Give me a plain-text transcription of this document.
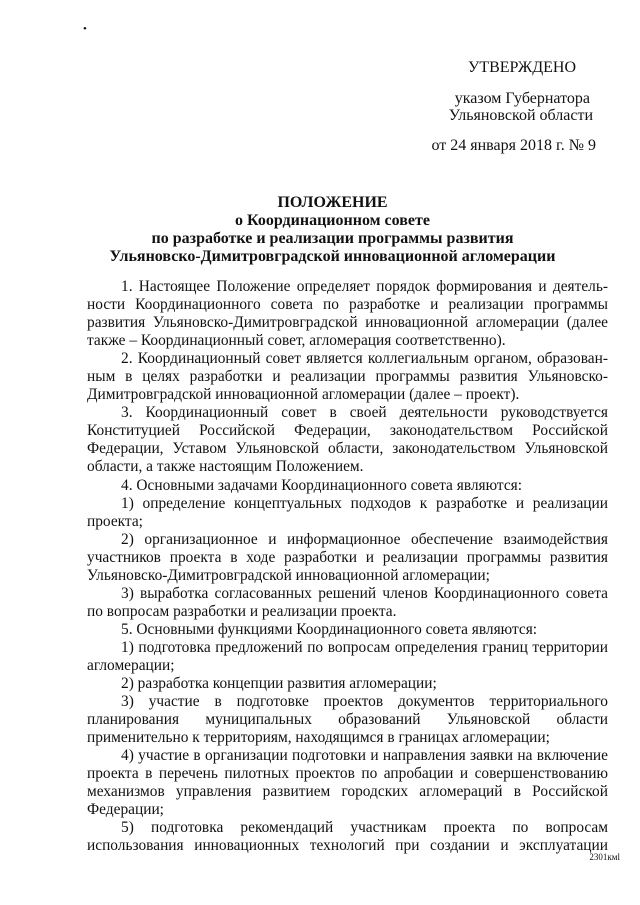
•
УТВЕРЖДЕНО
указом Губернатора
Ульяновской области
от 24 января 2018 г. № 9
ПОЛОЖЕНИЕ
о Координационном совете
по разработке и реализации программы развития
Ульяновско-Димитровградской инновационной агломерации
1. Настоящее Положение определяет порядок формирования и деятель-
ности Координационного совета по разработке и реализации программы
развития Ульяновско-Димитровградской инновационной агломерации (далее
также – Координационный совет, агломерация соответственно).
2. Координационный совет является коллегиальным органом, образован-
ным в целях разработки и реализации программы развития Ульяновско-
Димитровградской инновационной агломерации (далее – проект).
3. Координационный совет в своей деятельности руководствуется
Конституцией Российской Федерации, законодательством Российской
Федерации, Уставом Ульяновской области, законодательством Ульяновской
области, а также настоящим Положением.
4. Основными задачами Координационного совета являются:
1) определение концептуальных подходов к разработке и реализации
проекта;
2) организационное и информационное обеспечение взаимодействия
участников проекта в ходе разработки и реализации программы развития
Ульяновско-Димитровградской инновационной агломерации;
3) выработка согласованных решений членов Координационного совета
по вопросам разработки и реализации проекта.
5. Основными функциями Координационного совета являются:
1) подготовка предложений по вопросам определения границ территории
агломерации;
2) разработка концепции развития агломерации;
3) участие в подготовке проектов документов территориального
планирования муниципальных образований Ульяновской области
применительно к территориям, находящимся в границах агломерации;
4) участие в организации подготовки и направления заявки на включение
проекта в перечень пилотных проектов по апробации и совершенствованию
механизмов управления развитием городских агломераций в Российской
Федерации;
5) подготовка рекомендаций участникам проекта по вопросам
использования инновационных технологий при создании и эксплуатации
2301кмl
